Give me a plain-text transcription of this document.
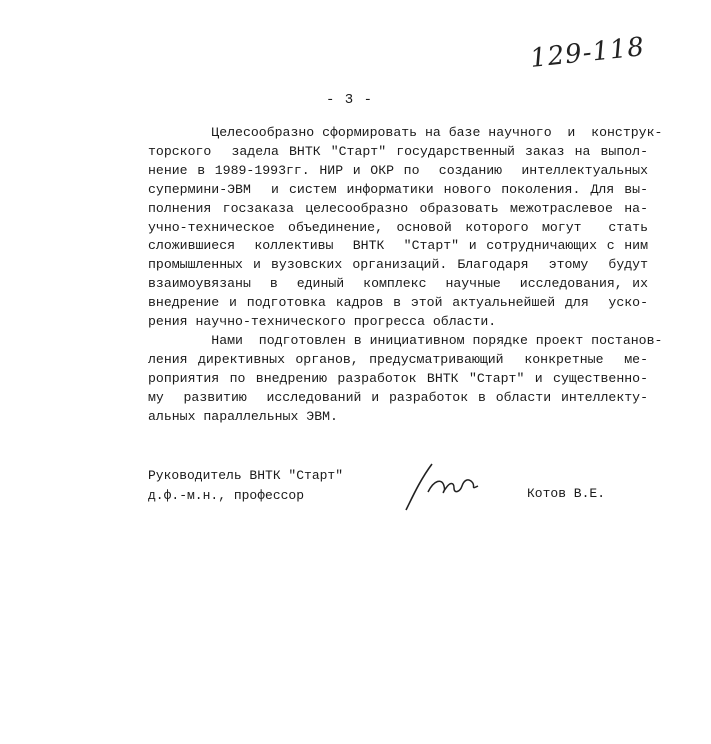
129-118
- 3 -
Целесообразно сформировать на базе научного  и  конструк-
торского  задела ВНТК "Старт" государственный заказ на выпол-
нение в 1989-1993гг. НИР и ОКР по  созданию  интеллектуальных
супермини-ЭВМ  и систем информатики нового поколения. Для вы-
полнения госзаказа целесообразно образовать межотраслевое на-
учно-техническое объединение, основой которого могут  стать
сложившиеся  коллективы  ВНТК  "Старт" и сотрудничающих с ним
промышленных и вузовских организаций. Благодаря  этому  будут
взаимоувязаны  в  единый  комплекс  научные  исследования, их
внедрение и подготовка кадров в этой актуальнейшей для  уско-
рения научно-технического прогресса области.
Нами  подготовлен в инициативном порядке проект постанов-
ления директивных органов, предусматривающий  конкретные  ме-
роприятия по внедрению разработок ВНТК "Старт" и существенно-
му  развитию  исследований и разработок в области интеллекту-
альных параллельных ЭВМ.
Руководитель ВНТК "Старт"
д.ф.-м.н., профессор	Котов В.Е.
